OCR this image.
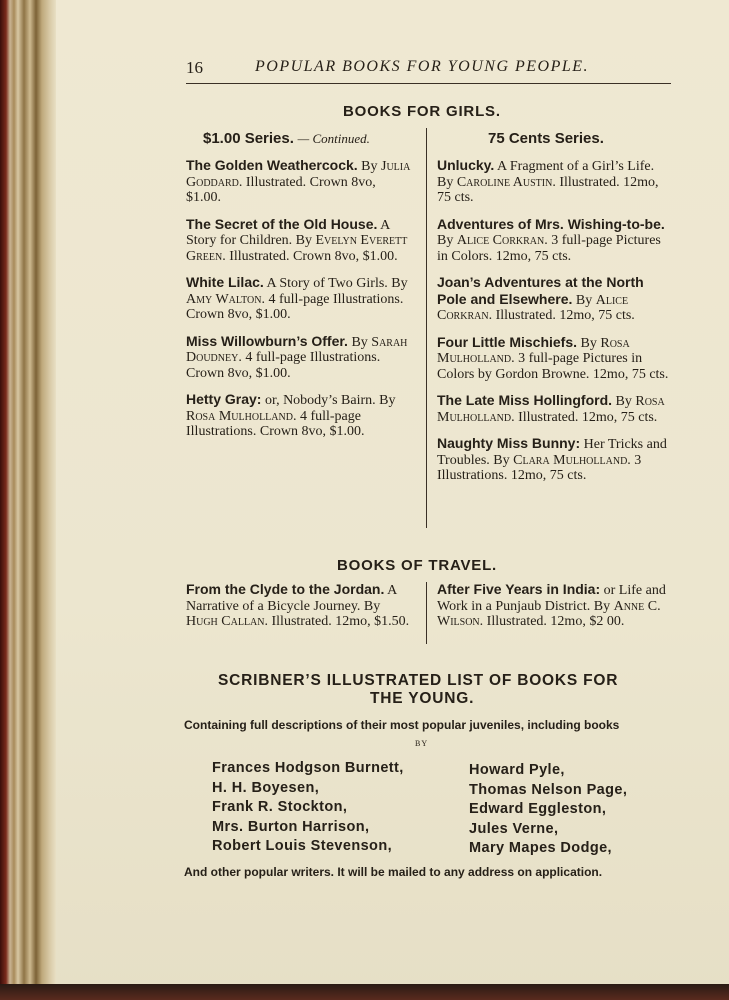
16	POPULAR BOOKS FOR YOUNG PEOPLE.
BOOKS FOR GIRLS.
$1.00 Series. — Continued.
The Golden Weathercock. By Julia Goddard. Illustrated. Crown 8vo, $1.00.
The Secret of the Old House. A Story for Children. By Evelyn Everett Green. Illustrated. Crown 8vo, $1.00.
White Lilac. A Story of Two Girls. By Amy Walton. 4 full-page Illustrations. Crown 8vo, $1.00.
Miss Willowburn’s Offer. By Sarah Doudney. 4 full-page Illustrations. Crown 8vo, $1.00.
Hetty Gray: or, Nobody’s Bairn. By Rosa Mulholland. 4 full-page Illustrations. Crown 8vo, $1.00.
75 Cents Series.
Unlucky. A Fragment of a Girl’s Life. By Caroline Austin. Illustrated. 12mo, 75 cts.
Adventures of Mrs. Wishing-to-be. By Alice Corkran. 3 full-page Pictures in Colors. 12mo, 75 cts.
Joan’s Adventures at the North Pole and Elsewhere. By Alice Corkran. Illustrated. 12mo, 75 cts.
Four Little Mischiefs. By Rosa Mulholland. 3 full-page Pictures in Colors by Gordon Browne. 12mo, 75 cts.
The Late Miss Hollingford. By Rosa Mulholland. Illustrated. 12mo, 75 cts.
Naughty Miss Bunny: Her Tricks and Troubles. By Clara Mulholland. 3 Illustrations. 12mo, 75 cts.
BOOKS OF TRAVEL.
From the Clyde to the Jordan. A Narrative of a Bicycle Journey. By Hugh Callan. Illustrated. 12mo, $1.50.
After Five Years in India: or Life and Work in a Punjaub District. By Anne C. Wilson. Illustrated. 12mo, $2 00.
SCRIBNER’S ILLUSTRATED LIST OF BOOKS FOR
THE YOUNG.
Containing full descriptions of their most popular juveniles, including books
BY
Frances Hodgson Burnett,
H. H. Boyesen,
Frank R. Stockton,
Mrs. Burton Harrison,
Robert Louis Stevenson,
Howard Pyle,
Thomas Nelson Page,
Edward Eggleston,
Jules Verne,
Mary Mapes Dodge,
And other popular writers. It will be mailed to any address on application.
